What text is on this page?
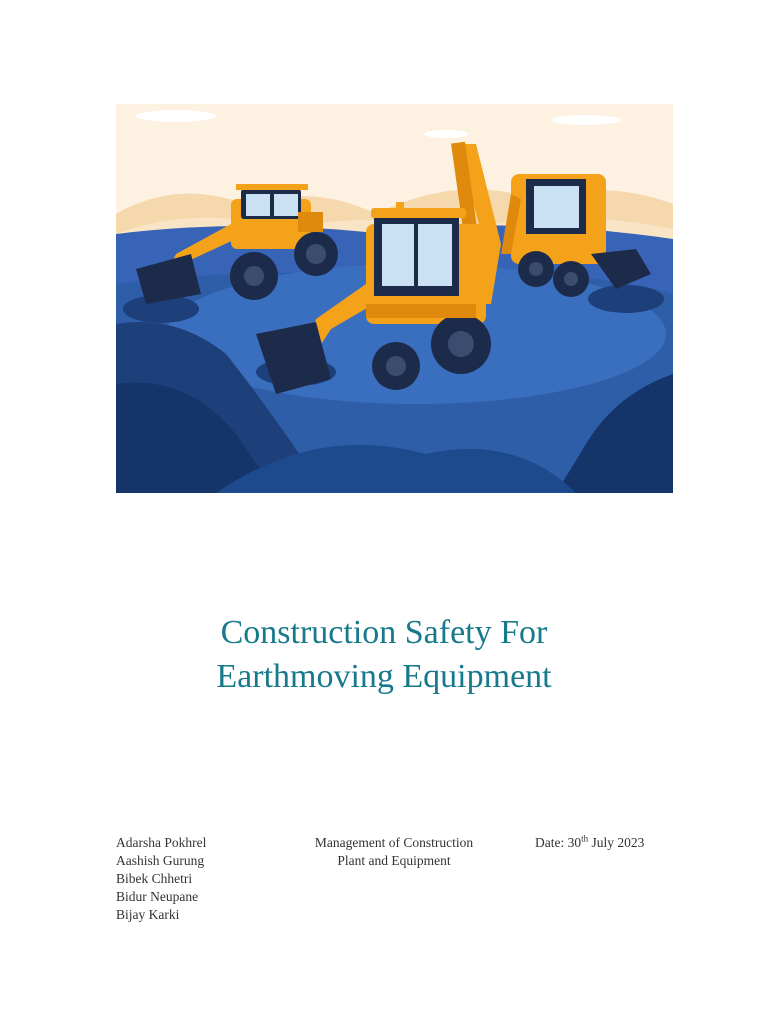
Construction Safety For
Earthmoving Equipment
Adarsha Pokhrel
Aashish Gurung
Bibek Chhetri
Bidur Neupane
Bijay Karki
Management of Construction
Plant and Equipment
Date: 30th July 2023
